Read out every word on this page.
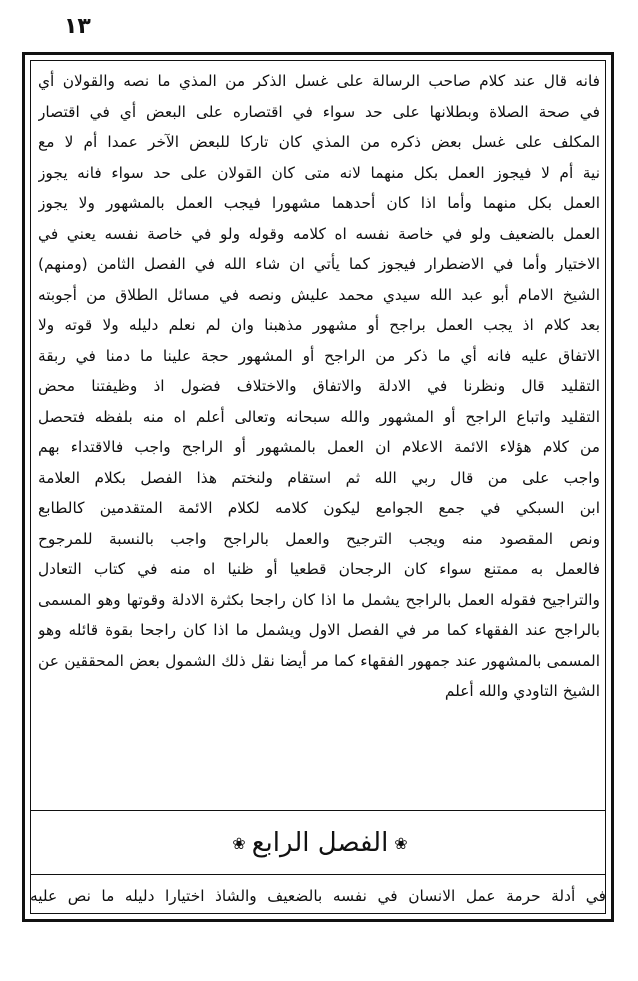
١٣
فانه قال عند كلام صاحب الرسالة على غسل الذكر من المذي ما نصه والقولان أي
في صحة الصلاة وبطلانها على حد سواء في اقتصاره على البعض أي في اقتصار
المكلف على غسل بعض ذكره من المذي كان تاركا للبعض الآخر عمدا أم لا مع
نية أم لا فيجوز العمل بكل منهما لانه متى كان القولان على حد سواء فانه يجوز
العمل بكل منهما وأما اذا كان أحدهما مشهورا فيجب العمل بالمشهور ولا يجوز
العمل بالضعيف ولو في خاصة نفسه اه كلامه وقوله ولو في خاصة نفسه يعني في
الاختيار وأما في الاضطرار فيجوز كما يأتي ان شاء الله في الفصل الثامن (ومنهم)
الشيخ الامام أبو عبد الله سيدي محمد عليش ونصه في مسائل الطلاق من أجوبته
بعد كلام اذ يجب العمل براجح أو مشهور مذهبنا وان لم نعلم دليله ولا قوته ولا
الاتفاق عليه فانه أي ما ذكر من الراجح أو المشهور حجة علينا ما دمنا في ربقة
التقليد قال ونظرنا في الادلة والاتفاق والاختلاف فضول اذ وظيفتنا محض
التقليد واتباع الراجح أو المشهور والله سبحانه وتعالى أعلم اه منه بلفظه فتحصل
من كلام هؤلاء الائمة الاعلام ان العمل بالمشهور أو الراجح واجب فالاقتداء بهم
واجب على من قال ربي الله ثم استقام ولنختم هذا الفصل بكلام العلامة
ابن السبكي في جمع الجوامع ليكون كلامه لكلام الائمة المتقدمين كالطابع
ونص المقصود منه ويجب الترجيح والعمل بالراجح واجب بالنسبة للمرجوح
فالعمل به ممتنع سواء كان الرجحان قطعيا أو ظنيا اه منه في كتاب التعادل
والتراجيح فقوله العمل بالراجح يشمل ما اذا كان راجحا بكثرة الادلة وقوتها وهو المسمى
بالراجح عند الفقهاء كما مر في الفصل الاول ويشمل ما اذا كان راجحا بقوة قائله وهو
المسمى بالمشهور عند جمهور الفقهاء كما مر أيضا نقل ذلك الشمول بعض المحققين عن
الشيخ التاودي والله أعلم
❀
الفصل الرابع
❀
في أدلة حرمة عمل الانسان في نفسه بالضعيف والشاذ اختيارا دليله ما نص عليه
